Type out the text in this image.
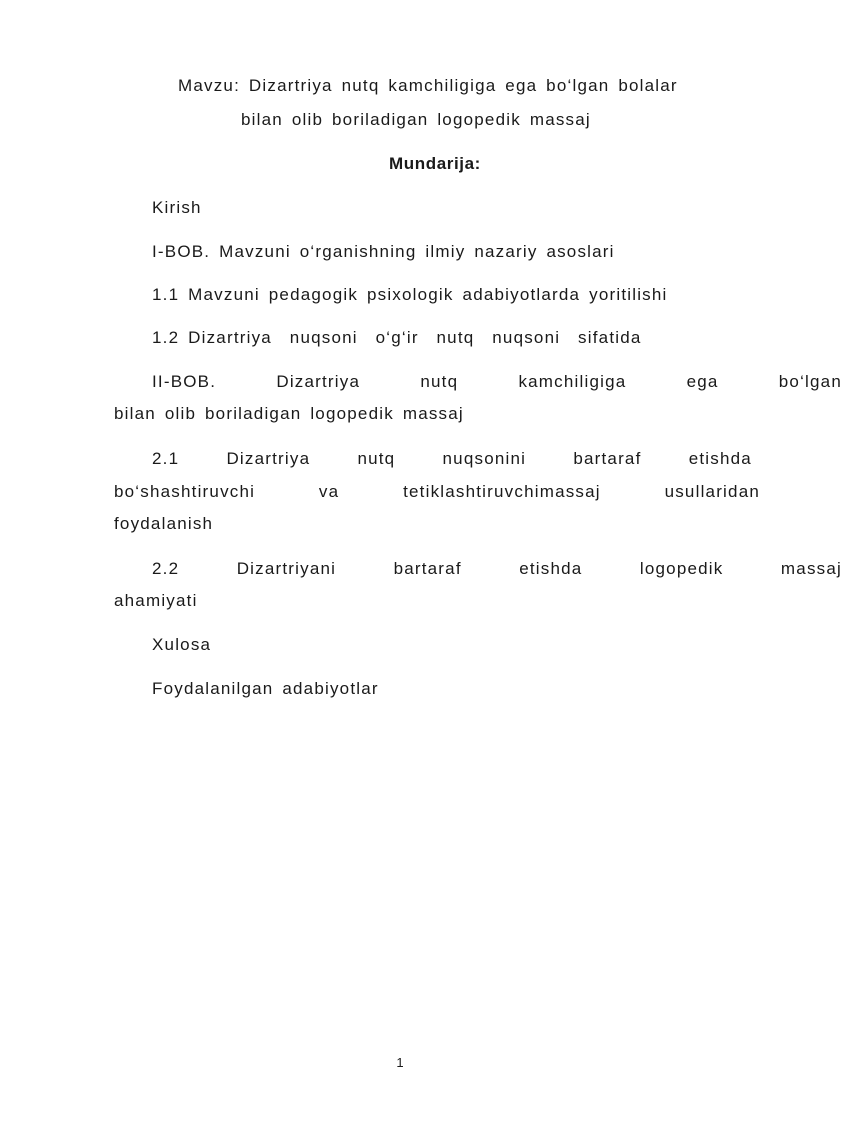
Mavzu: Dizartriya nutq kamchiligiga ega bo‘lgan bolalar
bilan olib boriladigan logopedik massaj
Mundarija:
Kirish
I-BOB. Mavzuni o‘rganishning ilmiy nazariy asoslari
1.1 Mavzuni pedagogik psixologik adabiyotlarda yoritilishi
1.2 Dizartriya  nuqsoni  o‘g‘ir  nutq  nuqsoni  sifatida
II-BOB.	Dizartriya	nutq	kamchiligiga	ega	bo‘lgan
bilan olib boriladigan logopedik massaj
2.1	Dizartriya	nutq	nuqsonini	bartaraf	etishda
bo‘shashtiruvchi	va	tetiklashtiruvchimassaj	usullaridan
foydalanish
2.2	Dizartriyani	bartaraf	etishda	logopedik	massaj
ahamiyati
Xulosa
Foydalanilgan adabiyotlar
1
